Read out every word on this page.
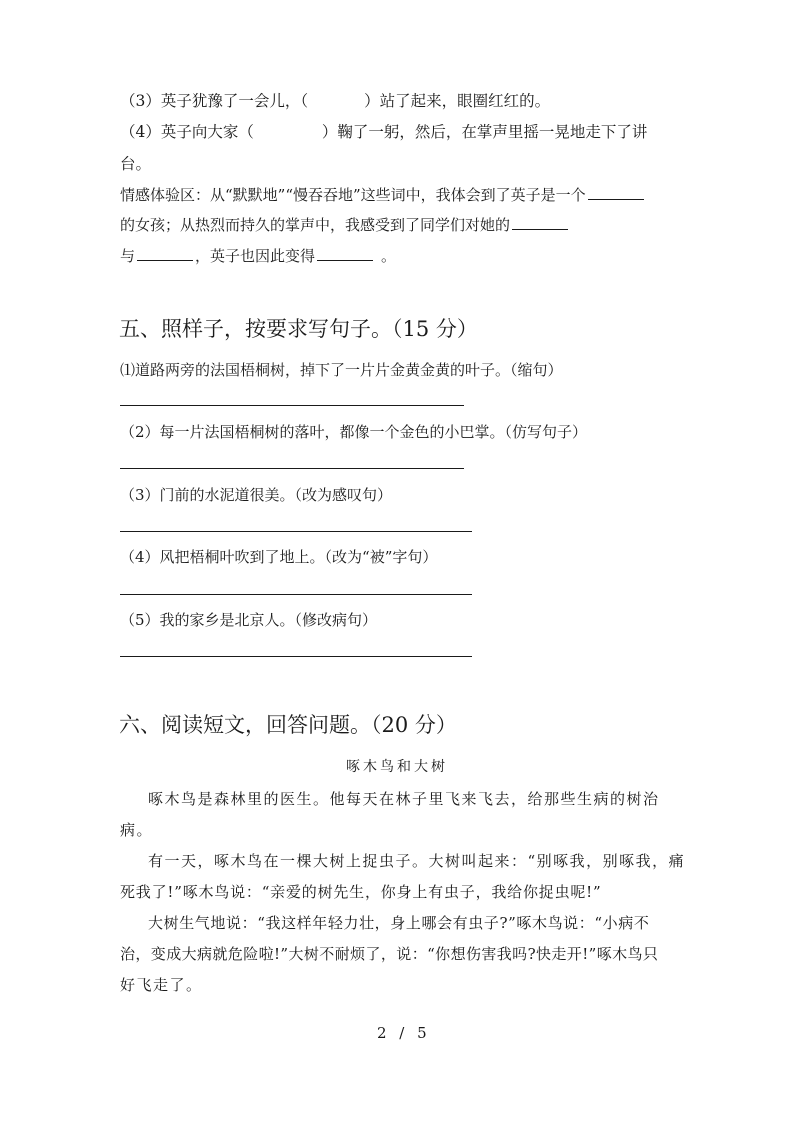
（3）英子犹豫了一会儿，（	）站了起来，眼圈红红的。
（4）英子向大家（	）鞠了一躬，然后，在掌声里摇一晃地走下了讲
台。
情感体验区：从“默默地”“慢吞吞地”这些词中，我体会到了英子是一个
的女孩；从热烈而持久的掌声中，我感受到了同学们对她的
与	，英子也因此变得	。
五、照样子，按要求写句子。（15 分）
⑴道路两旁的法国梧桐树，掉下了一片片金黄金黄的叶子。（缩句）
（2）每一片法国梧桐树的落叶，都像一个金色的小巴掌。（仿写句子）
（3）门前的水泥道很美。（改为感叹句）
（4）风把梧桐叶吹到了地上。（改为“被”字句）
（5）我的家乡是北京人。（修改病句）
六、阅读短文，回答问题。（20 分）
啄木鸟和大树
啄木鸟是森林里的医生。他每天在林子里飞来飞去，给那些生病的树治
病。
有一天，啄木鸟在一棵大树上捉虫子。大树叫起来：“别啄我，别啄我，痛
死我了!”啄木鸟说：“亲爱的树先生，你身上有虫子，我给你捉虫呢!”
大树生气地说：“我这样年轻力壮，身上哪会有虫子?”啄木鸟说：“小病不
治，变成大病就危险啦!”大树不耐烦了，说：“你想伤害我吗?快走开!”啄木鸟只
好飞走了。
2 / 5
